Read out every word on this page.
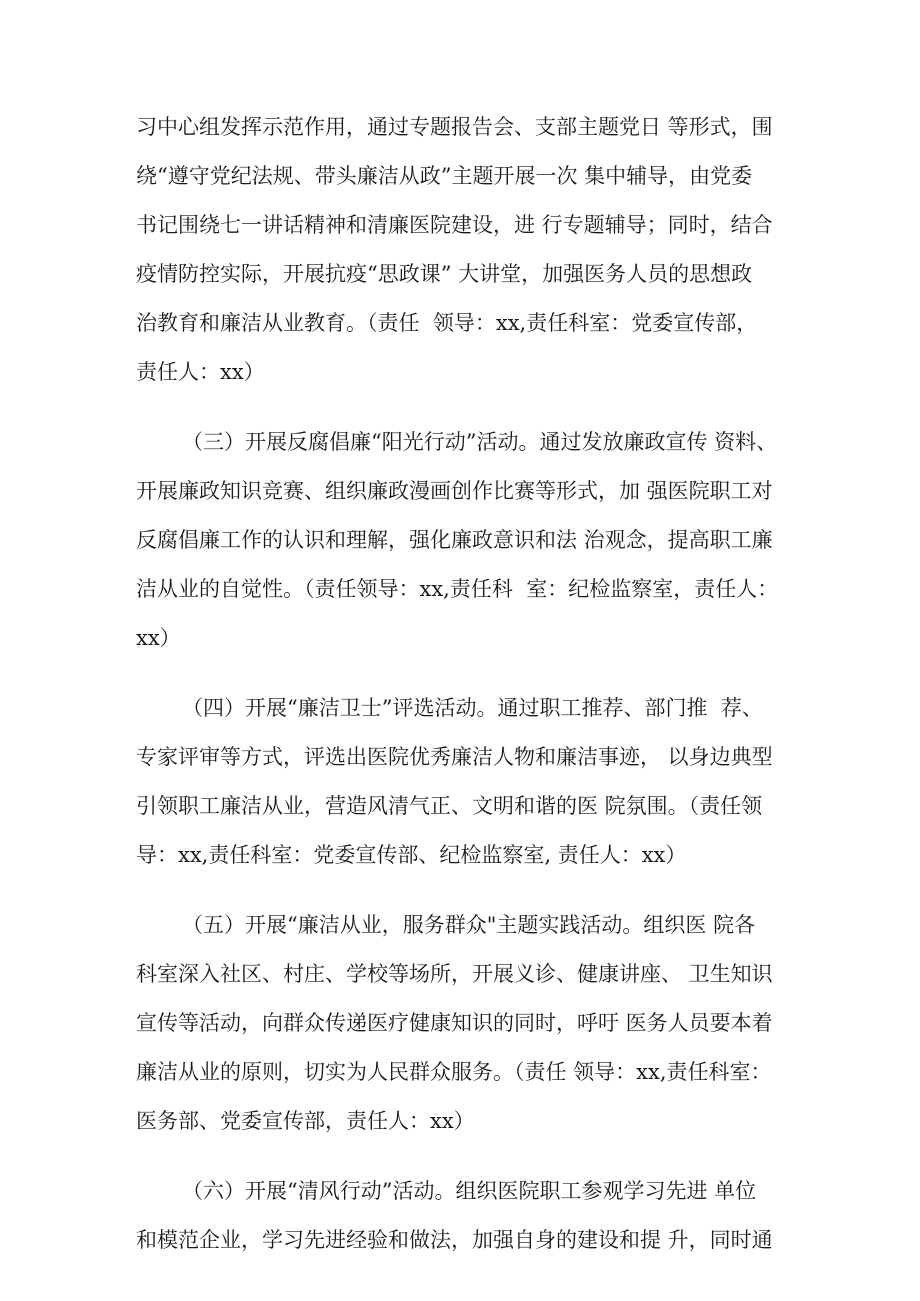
习中心组发挥示范作用，通过专题报告会、支部主题党日 等形式，围
绕“遵守党纪法规、带头廉洁从政”主题开展一次 集中辅导，由党委
书记围绕七一讲话精神和清廉医院建设，进 行专题辅导；同时，结合
疫情防控实际，开展抗疫“思政课” 大讲堂，加强医务人员的思想政
治教育和廉洁从业教育。（责任  领导：xx,责任科室：党委宣传部，
责任人：xx）
（三）开展反腐倡廉“阳光行动”活动。通过发放廉政宣传 资料、
开展廉政知识竞赛、组织廉政漫画创作比赛等形式，加 强医院职工对
反腐倡廉工作的认识和理解，强化廉政意识和法 治观念，提高职工廉
洁从业的自觉性。（责任领导：xx,责任科  室：纪检监察室，责任人：
xx）
（四）开展“廉洁卫士”评选活动。通过职工推荐、部门推  荐、
专家评审等方式，评选出医院优秀廉洁人物和廉洁事迹， 以身边典型
引领职工廉洁从业，营造风清气正、文明和谐的医 院氛围。（责任领
导：xx,责任科室：党委宣传部、纪检监察室, 责任人：xx）
（五）开展“廉洁从业，服务群众"主题实践活动。组织医 院各
科室深入社区、村庄、学校等场所，开展义诊、健康讲座、 卫生知识
宣传等活动，向群众传递医疗健康知识的同时，呼吁 医务人员要本着
廉洁从业的原则，切实为人民群众服务。（责任 领导：xx,责任科室：
医务部、党委宣传部，责任人：xx）
（六）开展“清风行动”活动。组织医院职工参观学习先进 单位
和模范企业，学习先进经验和做法，加强自身的建设和提 升，同时通
